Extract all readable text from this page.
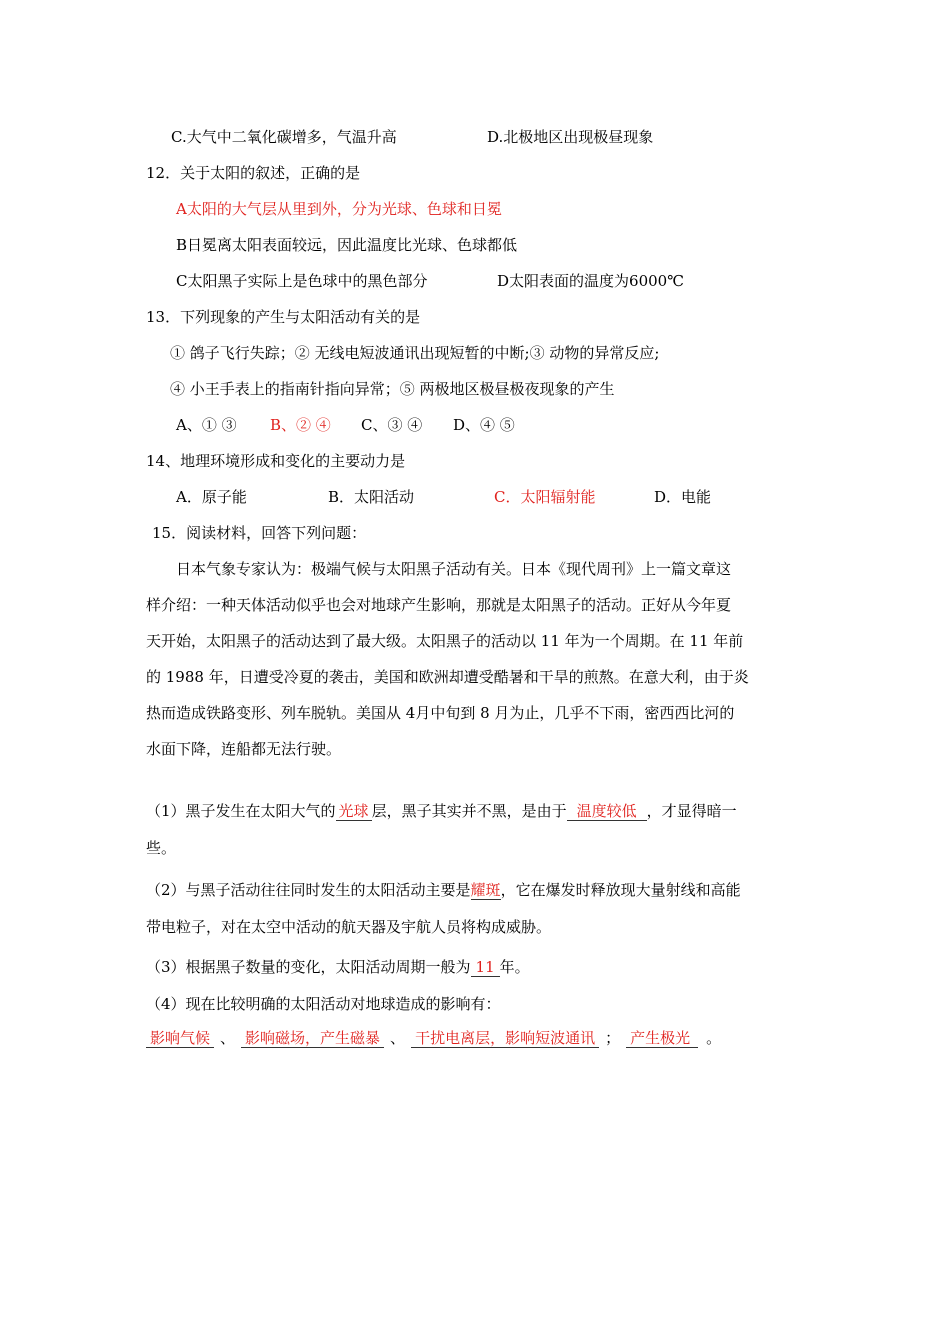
C.大气中二氧化碳增多，气温升高	D.北极地区出现极昼现象
12．关于太阳的叙述，正确的是
A太阳的大气层从里到外，分为光球、色球和日冕
B日冕离太阳表面较远，因此温度比光球、色球都低
C太阳黑子实际上是色球中的黑色部分	D太阳表面的温度为6000℃
13．下列现象的产生与太阳活动有关的是
① 鸽子飞行失踪；② 无线电短波通讯出现短暂的中断;③ 动物的异常反应;
④ 小王手表上的指南针指向异常；⑤ 两极地区极昼极夜现象的产生
A、① ③ B、② ④ C、③ ④ D、④ ⑤
14、地理环境形成和变化的主要动力是
A．原子能	B．太阳活动	C．太阳辐射能	D．电能
15．阅读材料，回答下列问题：
日本气象专家认为：极端气候与太阳黑子活动有关。日本《现代周刊》上一篇文章这
样介绍：一种天体活动似乎也会对地球产生影响，那就是太阳黑子的活动。正好从今年夏
天开始，太阳黑子的活动达到了最大级。太阳黑子的活动以 11 年为一个周期。在 11 年前
的 1988 年，日遭受冷夏的袭击，美国和欧洲却遭受酷暑和干旱的煎熬。在意大利，由于炎
热而造成铁路变形、列车脱轨。美国从 4月中旬到 8 月为止，几乎不下雨，密西西比河的
水面下降，连船都无法行驶。
（1）黑子发生在太阳大气的 光球 层，黑子其实并不黑，是由于 温度较低 ，才显得暗一
些。
（2）与黑子活动往往同时发生的太阳活动主要是耀斑，它在爆发时释放现大量射线和高能
带电粒子，对在太空中活动的航天器及宇航人员将构成威胁。
（3）根据黑子数量的变化，太阳活动周期一般为 11 年。
（4）现在比较明确的太阳活动对地球造成的影响有：
影响气候 、 影响磁场，产生磁暴 、 干扰电离层，影响短波通讯 ； 产生极光 。
